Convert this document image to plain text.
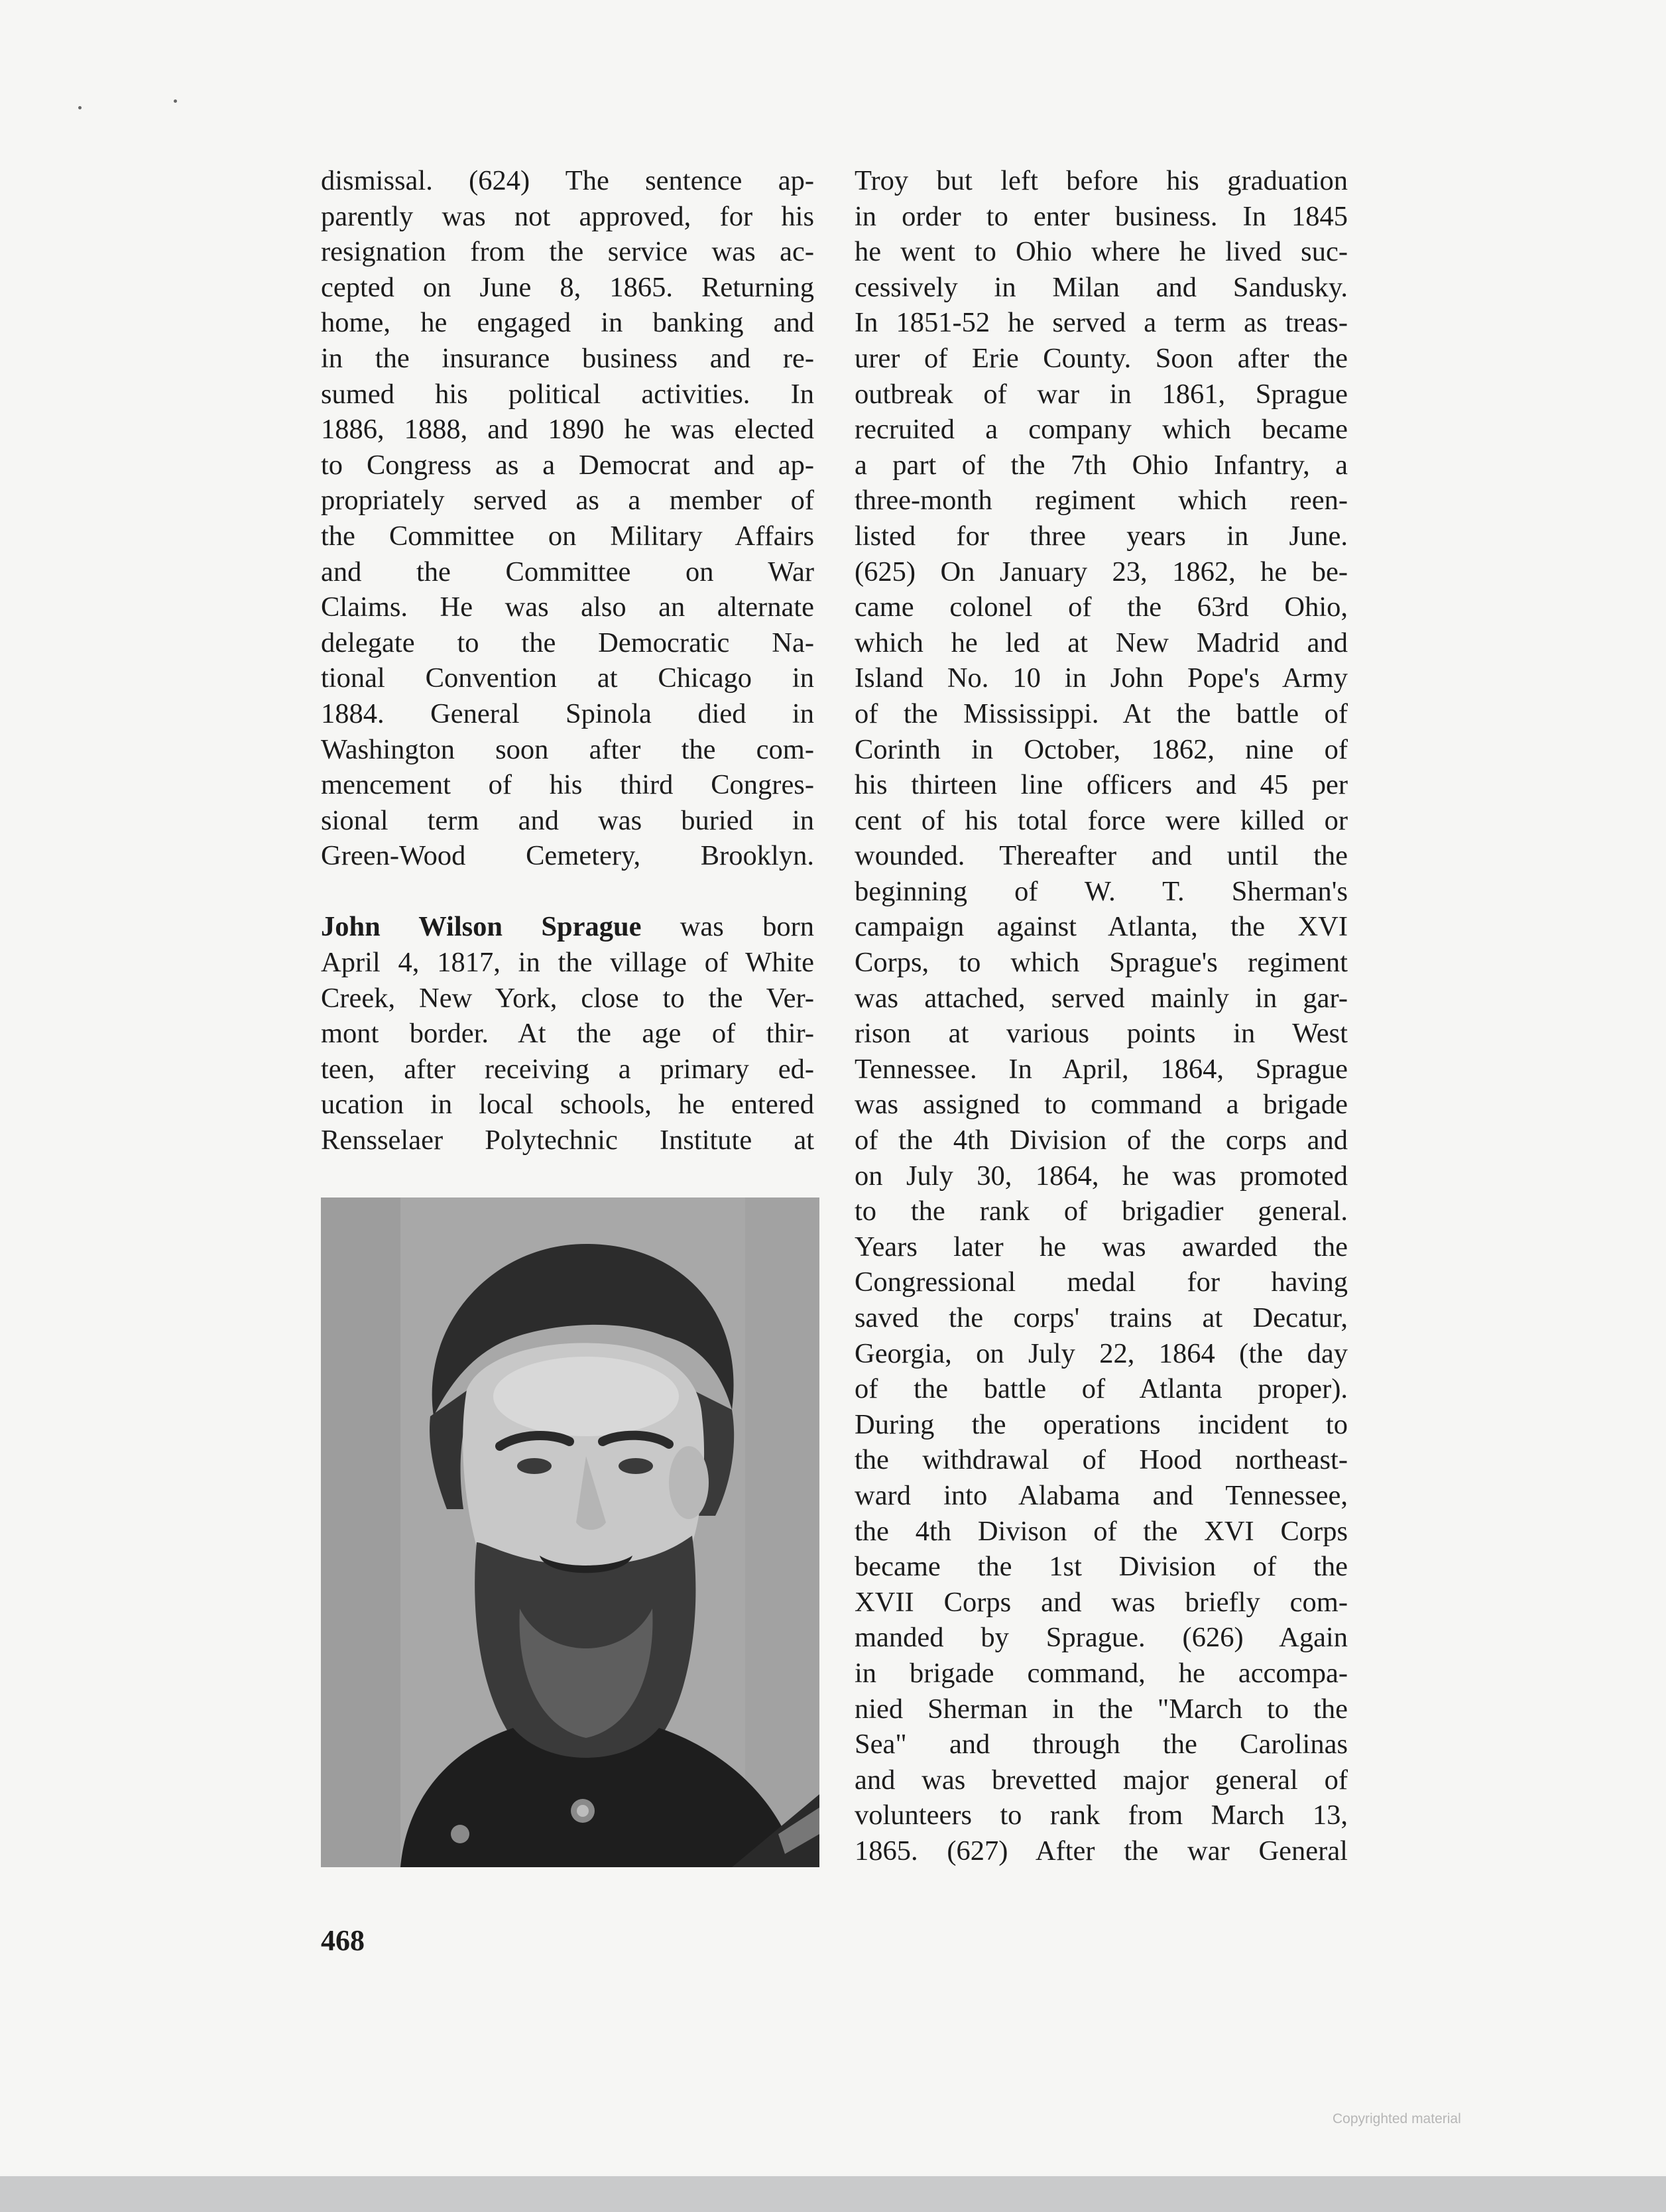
dismissal. (624) The sentence ap-
parently was not approved, for his
resignation from the service was ac-
cepted on June 8, 1865. Returning
home, he engaged in banking and
in the insurance business and re-
sumed his political activities. In
1886, 1888, and 1890 he was elected
to Congress as a Democrat and ap-
propriately served as a member of
the Committee on Military Affairs
and the Committee on War
Claims. He was also an alternate
delegate to the Democratic Na-
tional Convention at Chicago in
1884. General Spinola died in
Washington soon after the com-
mencement of his third Congres-
sional term and was buried in
Green-Wood Cemetery, Brooklyn.
John Wilson Sprague was born
April 4, 1817, in the village of White
Creek, New York, close to the Ver-
mont border. At the age of thir-
teen, after receiving a primary ed-
ucation in local schools, he entered
Rensselaer Polytechnic Institute at
Troy but left before his graduation
in order to enter business. In 1845
he went to Ohio where he lived suc-
cessively in Milan and Sandusky.
In 1851-52 he served a term as treas-
urer of Erie County. Soon after the
outbreak of war in 1861, Sprague
recruited a company which became
a part of the 7th Ohio Infantry, a
three-month regiment which reen-
listed for three years in June.
(625) On January 23, 1862, he be-
came colonel of the 63rd Ohio,
which he led at New Madrid and
Island No. 10 in John Pope's Army
of the Mississippi. At the battle of
Corinth in October, 1862, nine of
his thirteen line officers and 45 per
cent of his total force were killed or
wounded. Thereafter and until the
beginning of W. T. Sherman's
campaign against Atlanta, the XVI
Corps, to which Sprague's regiment
was attached, served mainly in gar-
rison at various points in West
Tennessee. In April, 1864, Sprague
was assigned to command a brigade
of the 4th Division of the corps and
on July 30, 1864, he was promoted
to the rank of brigadier general.
Years later he was awarded the
Congressional medal for having
saved the corps' trains at Decatur,
Georgia, on July 22, 1864 (the day
of the battle of Atlanta proper).
During the operations incident to
the withdrawal of Hood northeast-
ward into Alabama and Tennessee,
the 4th Divison of the XVI Corps
became the 1st Division of the
XVII Corps and was briefly com-
manded by Sprague. (626) Again
in brigade command, he accompa-
nied Sherman in the "March to the
Sea" and through the Carolinas
and was brevetted major general of
volunteers to rank from March 13,
1865. (627) After the war General
468
Copyrighted material
